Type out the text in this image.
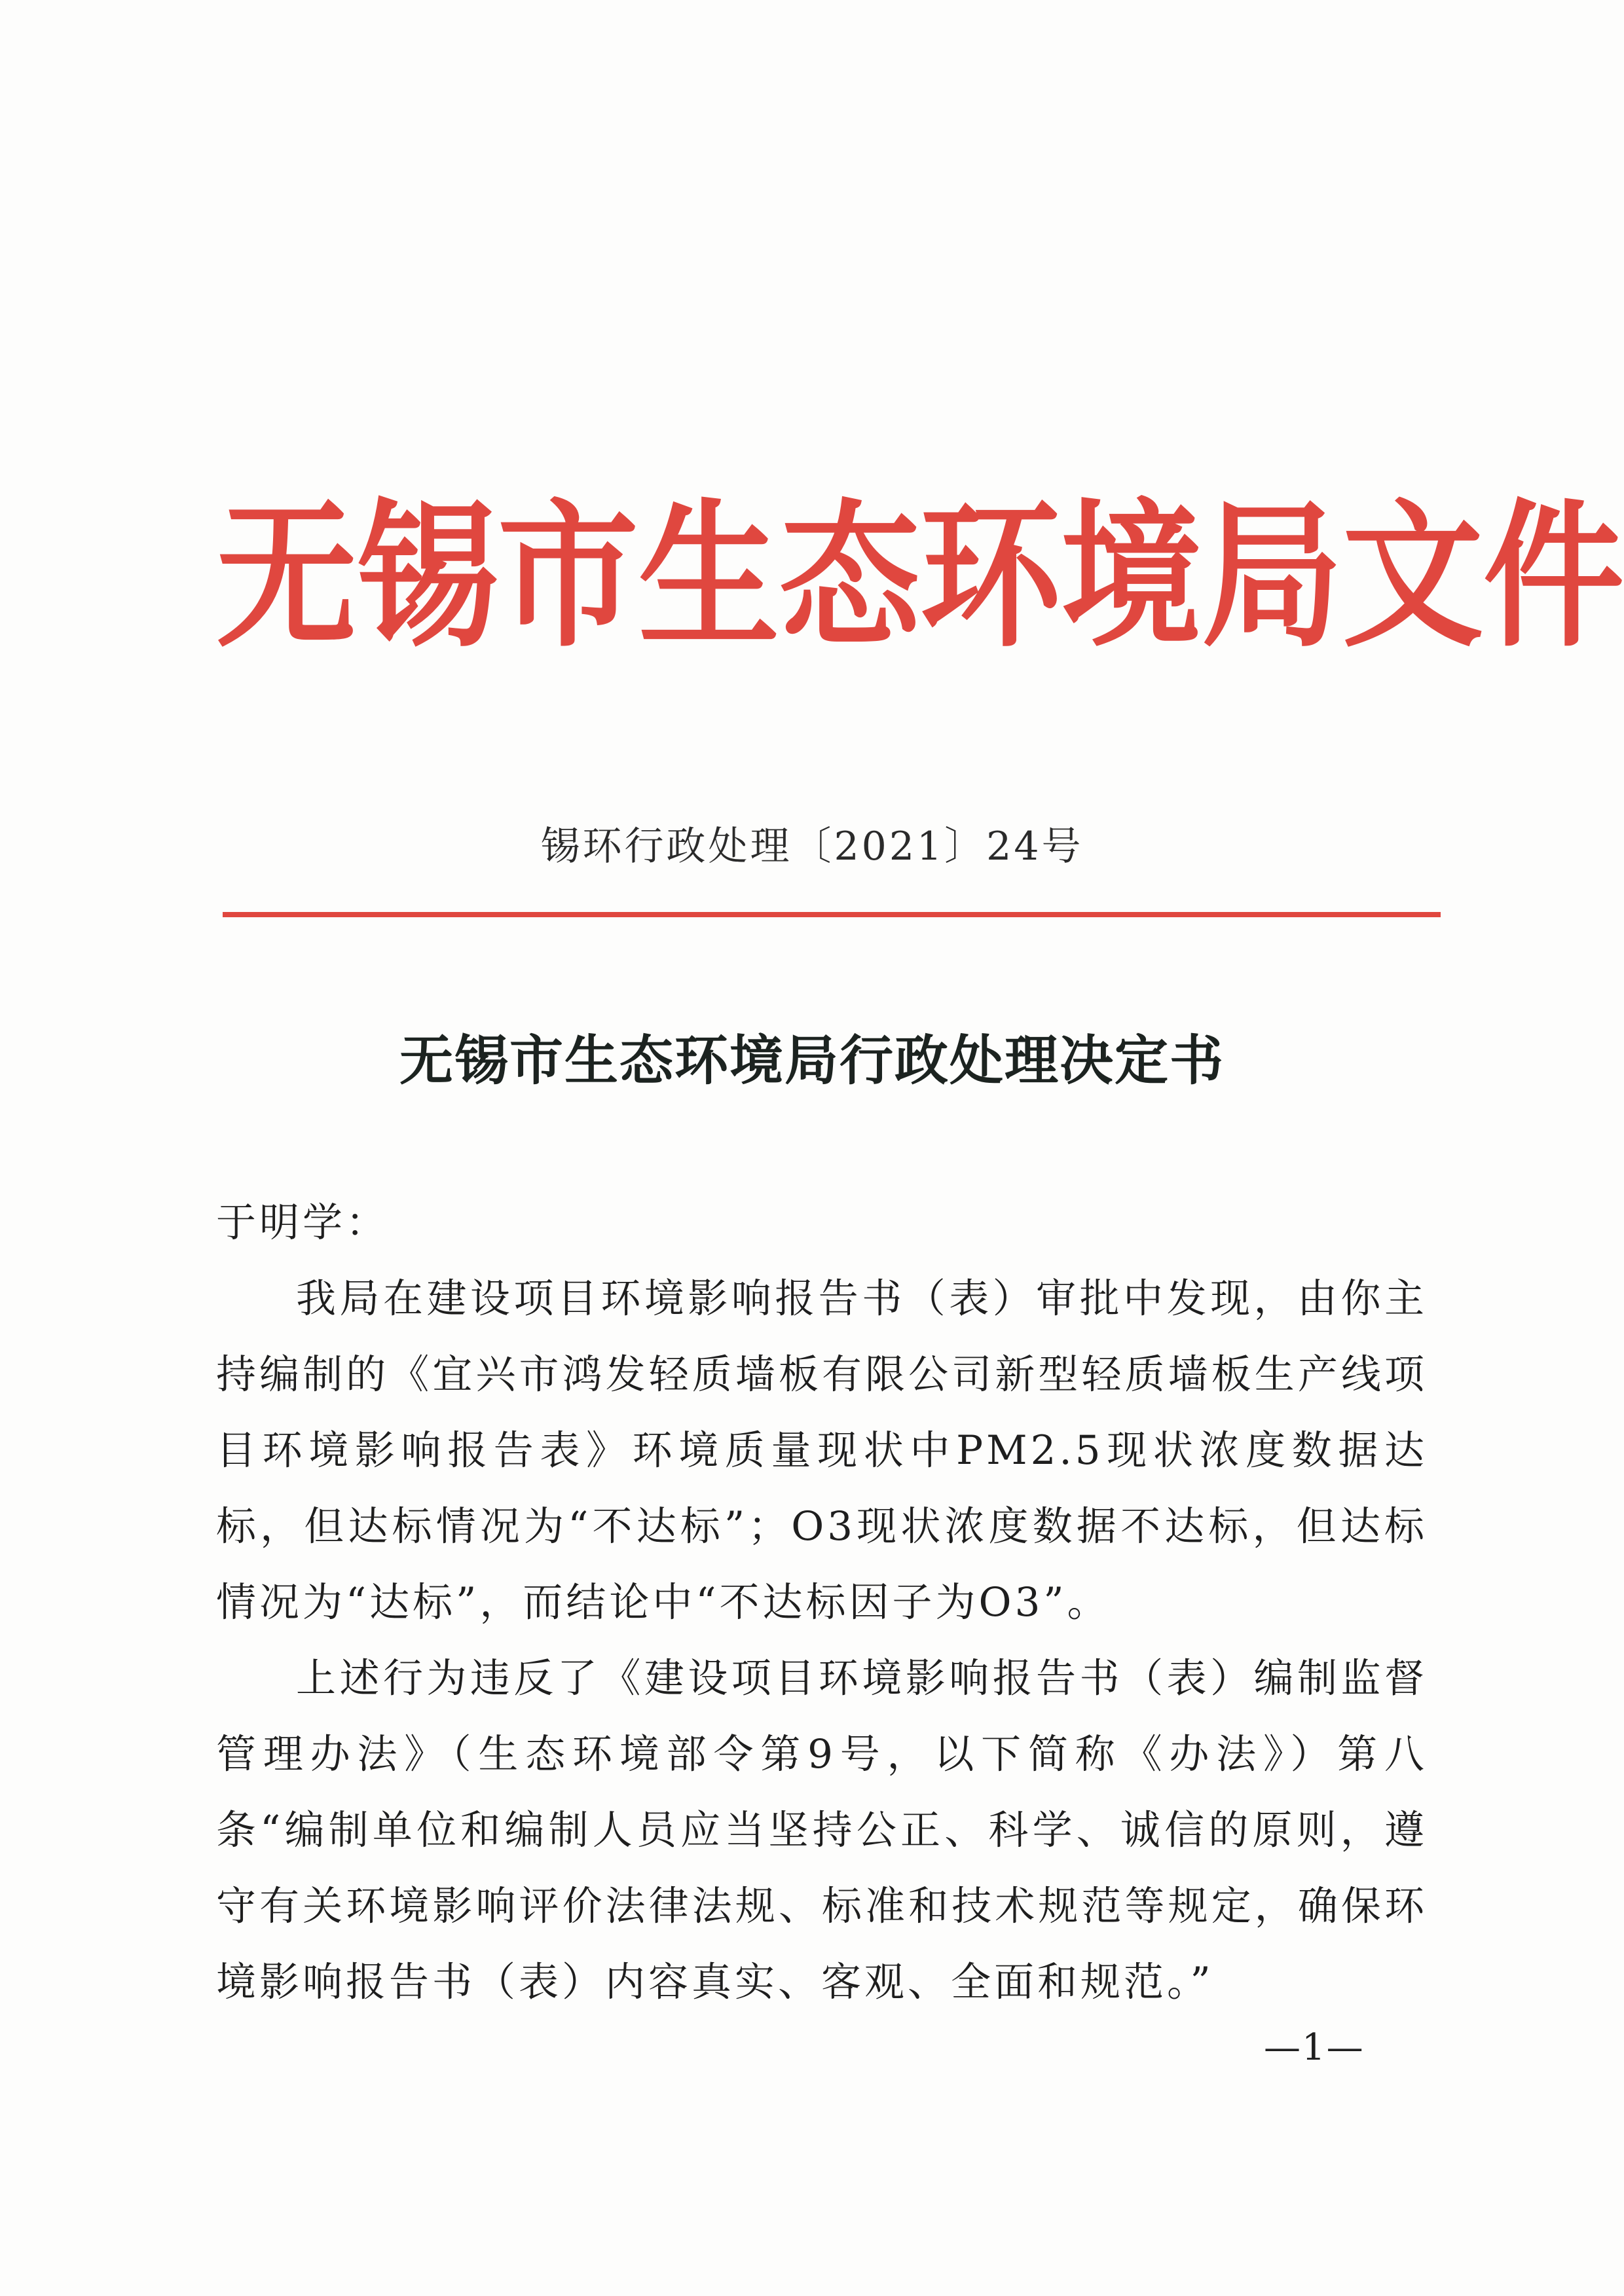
无 锡 市 生 态 环 境 局 文 件
锡环行政处理〔2021〕24号
无锡市生态环境局行政处理决定书

于明学：

我局在建设项目环境影响报告书（表）审批中发现，由你主持编制的《宜兴市鸿发轻质墙板有限公司新型轻质墙板生产线项目环境影响报告表》环境质量现状中PM2.5现状浓度数据达标，但达标情况为“不达标”；O3现状浓度数据不达标，但达标情况为“达标”，而结论中“不达标因子为O3”。

上述行为违反了《建设项目环境影响报告书（表）编制监督管理办法》（生态环境部令第9号，以下简称《办法》）第八条“编制单位和编制人员应当坚持公正、科学、诚信的原则，遵守有关环境影响评价法律法规、标准和技术规范等规定，确保环境影响报告书（表）内容真实、客观、全面和规范。”

—1—
